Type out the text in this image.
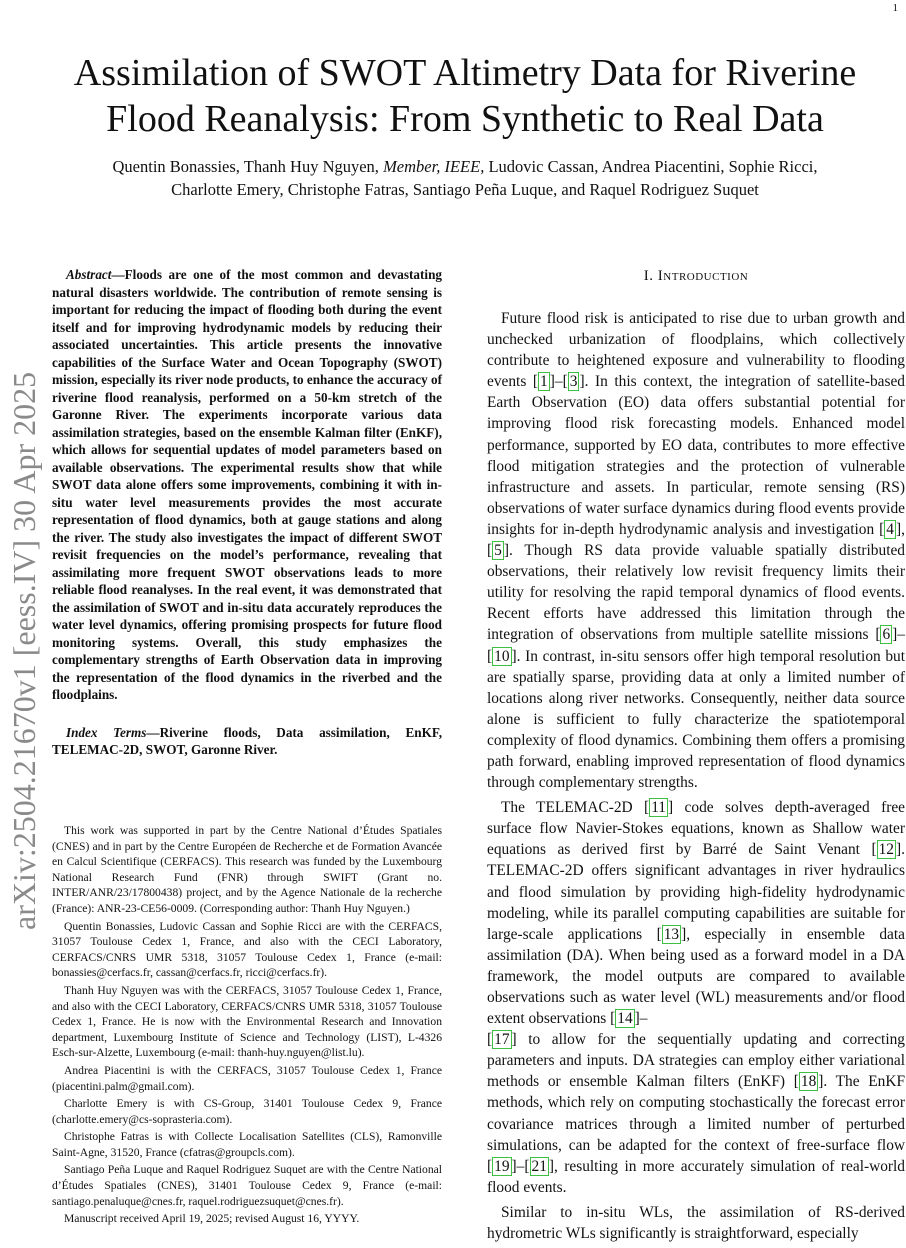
1
arXiv:2504.21670v1 [eess.IV] 30 Apr 2025
Assimilation of SWOT Altimetry Data for Riverine Flood Reanalysis: From Synthetic to Real Data
Quentin Bonassies, Thanh Huy Nguyen, Member, IEEE, Ludovic Cassan, Andrea Piacentini, Sophie Ricci,
Charlotte Emery, Christophe Fatras, Santiago Peña Luque, and Raquel Rodriguez Suquet

Abstract—Floods are one of the most common and devastating natural disasters worldwide. The contribution of remote sensing is important for reducing the impact of flooding both during the event itself and for improving hydrodynamic models by reducing their associated uncertainties. This article presents the innovative capabilities of the Surface Water and Ocean Topography (SWOT) mission, especially its river node products, to enhance the accuracy of riverine flood reanalysis, performed on a 50-km stretch of the Garonne River. The experiments incorporate various data assimilation strategies, based on the ensemble Kalman filter (EnKF), which allows for sequential updates of model parameters based on available observations. The experimental results show that while SWOT data alone offers some improvements, combining it with in-situ water level measurements provides the most accurate representation of flood dynamics, both at gauge stations and along the river. The study also investigates the impact of different SWOT revisit frequencies on the model’s performance, revealing that assimilating more frequent SWOT observations leads to more reliable flood reanalyses. In the real event, it was demonstrated that the assimilation of SWOT and in-situ data accurately reproduces the water level dynamics, offering promising prospects for future flood monitoring systems. Overall, this study emphasizes the complementary strengths of Earth Observation data in improving the representation of the flood dynamics in the riverbed and the floodplains.

Index Terms—Riverine floods, Data assimilation, EnKF, TELEMAC-2D, SWOT, Garonne River.

This work was supported in part by the Centre National d’Études Spatiales (CNES) and in part by the Centre Européen de Recherche et de Formation Avancée en Calcul Scientifique (CERFACS). This research was funded by the Luxembourg National Research Fund (FNR) through SWIFT (Grant no. INTER/ANR/23/17800438) project, and by the Agence Nationale de la recherche (France): ANR-23-CE56-0009. (Corresponding author: Thanh Huy Nguyen.)

Quentin Bonassies, Ludovic Cassan and Sophie Ricci are with the CERFACS, 31057 Toulouse Cedex 1, France, and also with the CECI Laboratory, CERFACS/CNRS UMR 5318, 31057 Toulouse Cedex 1, France (e-mail: bonassies@cerfacs.fr, cassan@cerfacs.fr, ricci@cerfacs.fr).

Thanh Huy Nguyen was with the CERFACS, 31057 Toulouse Cedex 1, France, and also with the CECI Laboratory, CERFACS/CNRS UMR 5318, 31057 Toulouse Cedex 1, France. He is now with the Environmental Research and Innovation department, Luxembourg Institute of Science and Technology (LIST), L-4326 Esch-sur-Alzette, Luxembourg (e-mail: thanh-huy.nguyen@list.lu).

Andrea Piacentini is with the CERFACS, 31057 Toulouse Cedex 1, France (piacentini.palm@gmail.com).

Charlotte Emery is with CS-Group, 31401 Toulouse Cedex 9, France (charlotte.emery@cs-soprasteria.com).

Christophe Fatras is with Collecte Localisation Satellites (CLS), Ramonville Saint-Agne, 31520, France (cfatras@groupcls.com).

Santiago Peña Luque and Raquel Rodriguez Suquet are with the Centre National d’Études Spatiales (CNES), 31401 Toulouse Cedex 9, France (e-mail: santiago.penaluque@cnes.fr, raquel.rodriguezsuquet@cnes.fr).

Manuscript received April 19, 2025; revised August 16, YYYY.

I. Introduction

Future flood risk is anticipated to rise due to urban growth and unchecked urbanization of floodplains, which collectively contribute to heightened exposure and vulnerability to flooding events [ 1 ]–[ 3 ]. In this context, the integration of satellite-based Earth Observation (EO) data offers substantial potential for improving flood risk forecasting models. Enhanced model performance, supported by EO data, contributes to more effective flood mitigation strategies and the protection of vulnerable infrastructure and assets. In particular, remote sensing (RS) observations of water surface dynamics during flood events provide insights for in-depth hydrodynamic analysis and investigation [ 4 ], [ 5 ]. Though RS data provide valuable spatially distributed observations, their relatively low revisit frequency limits their utility for resolving the rapid temporal dynamics of flood events. Recent efforts have addressed this limitation through the integration of observations from multiple satellite missions [ 6 ]–[ 10 ]. In contrast, in-situ sensors offer high temporal resolution but are spatially sparse, providing data at only a limited number of locations along river networks. Consequently, neither data source alone is sufficient to fully characterize the spatiotemporal complexity of flood dynamics. Combining them offers a promising path forward, enabling improved representation of flood dynamics through complementary strengths.

The TELEMAC-2D [ 11 ] code solves depth-averaged free surface flow Navier-Stokes equations, known as Shallow water equations as derived first by Barré de Saint Venant [ 12 ]. TELEMAC-2D offers significant advantages in river hydraulics and flood simulation by providing high-fidelity hydrodynamic modeling, while its parallel computing capabilities are suitable for large-scale applications [ 13 ], especially in ensemble data assimilation (DA). When being used as a forward model in a DA framework, the model outputs are compared to available observations such as water level (WL) measurements and/or flood extent observations [ 14 ]–
[ 17 ] to allow for the sequentially updating and correcting parameters and inputs. DA strategies can employ either variational methods or ensemble Kalman filters (EnKF) [ 18 ]. The EnKF methods, which rely on computing stochastically the forecast error covariance matrices through a limited number of perturbed simulations, can be adapted for the context of free-surface flow [ 19 ]–[ 21 ], resulting in more accurately simulation of real-world flood events.

Similar to in-situ WLs, the assimilation of RS-derived hydrometric WLs significantly is straightforward, especially
